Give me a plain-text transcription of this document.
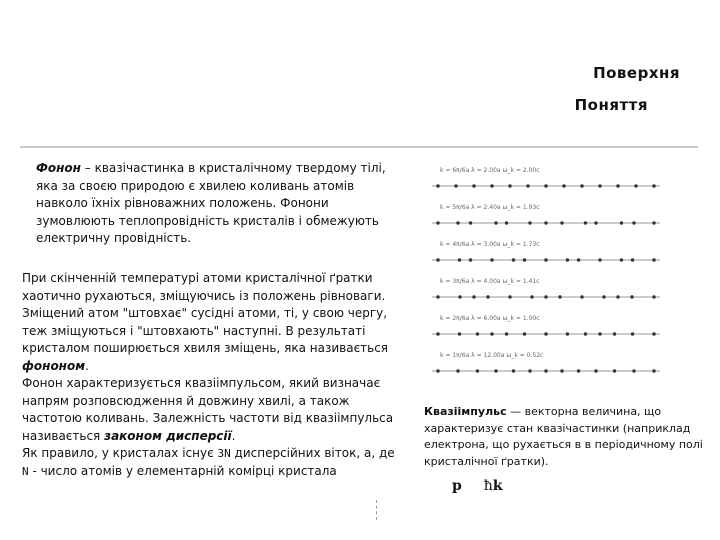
Поверхня
Поняття
Фонон – квазічастинка в кристалічному твердому тілі, яка за своєю природою є хвилею коливань атомів навколо їхніх рівноважних положень. Фонони зумовлюють теплопровідність кристалів і обмежують електричну провідність.
При скінченній температурі атоми кристалічної ґратки хаотично рухаються, зміщуючись із положень рівноваги. Зміщений атом "штовхає" сусідні атоми, ті, у свою чергу, теж зміщуються і "штовхають" наступні. В результаті кристалом поширюється хвиля зміщень, яка називається фононом.
Фонон характеризується квазіімпульсом, який визначає напрям розповсюдження й довжину хвилі, а також частотою коливань. Залежність частоти від квазіімпульса називається законом дисперсії.
Як правило, у кристалах існує 3N дисперсійних віток, а, де N - число атомів у елементарній комірці кристала
k = 6π/6a λ = 2.00a ω_k = 2.00c
k = 5π/6a λ = 2.40a ω_k = 1.93c
k = 4π/6a λ = 3.00a ω_k = 1.73c
k = 3π/6a λ = 4.00a ω_k = 1.41c
k = 2π/6a λ = 6.00a ω_k = 1.00c
k = 1π/6a λ = 12.00a ω_k = 0.52c
Квазіімпульс — векторна величина, що характеризує стан квазічастинки (наприклад електрона, що рухається в в періодичному полі кристалічної ґратки).
p ħk
